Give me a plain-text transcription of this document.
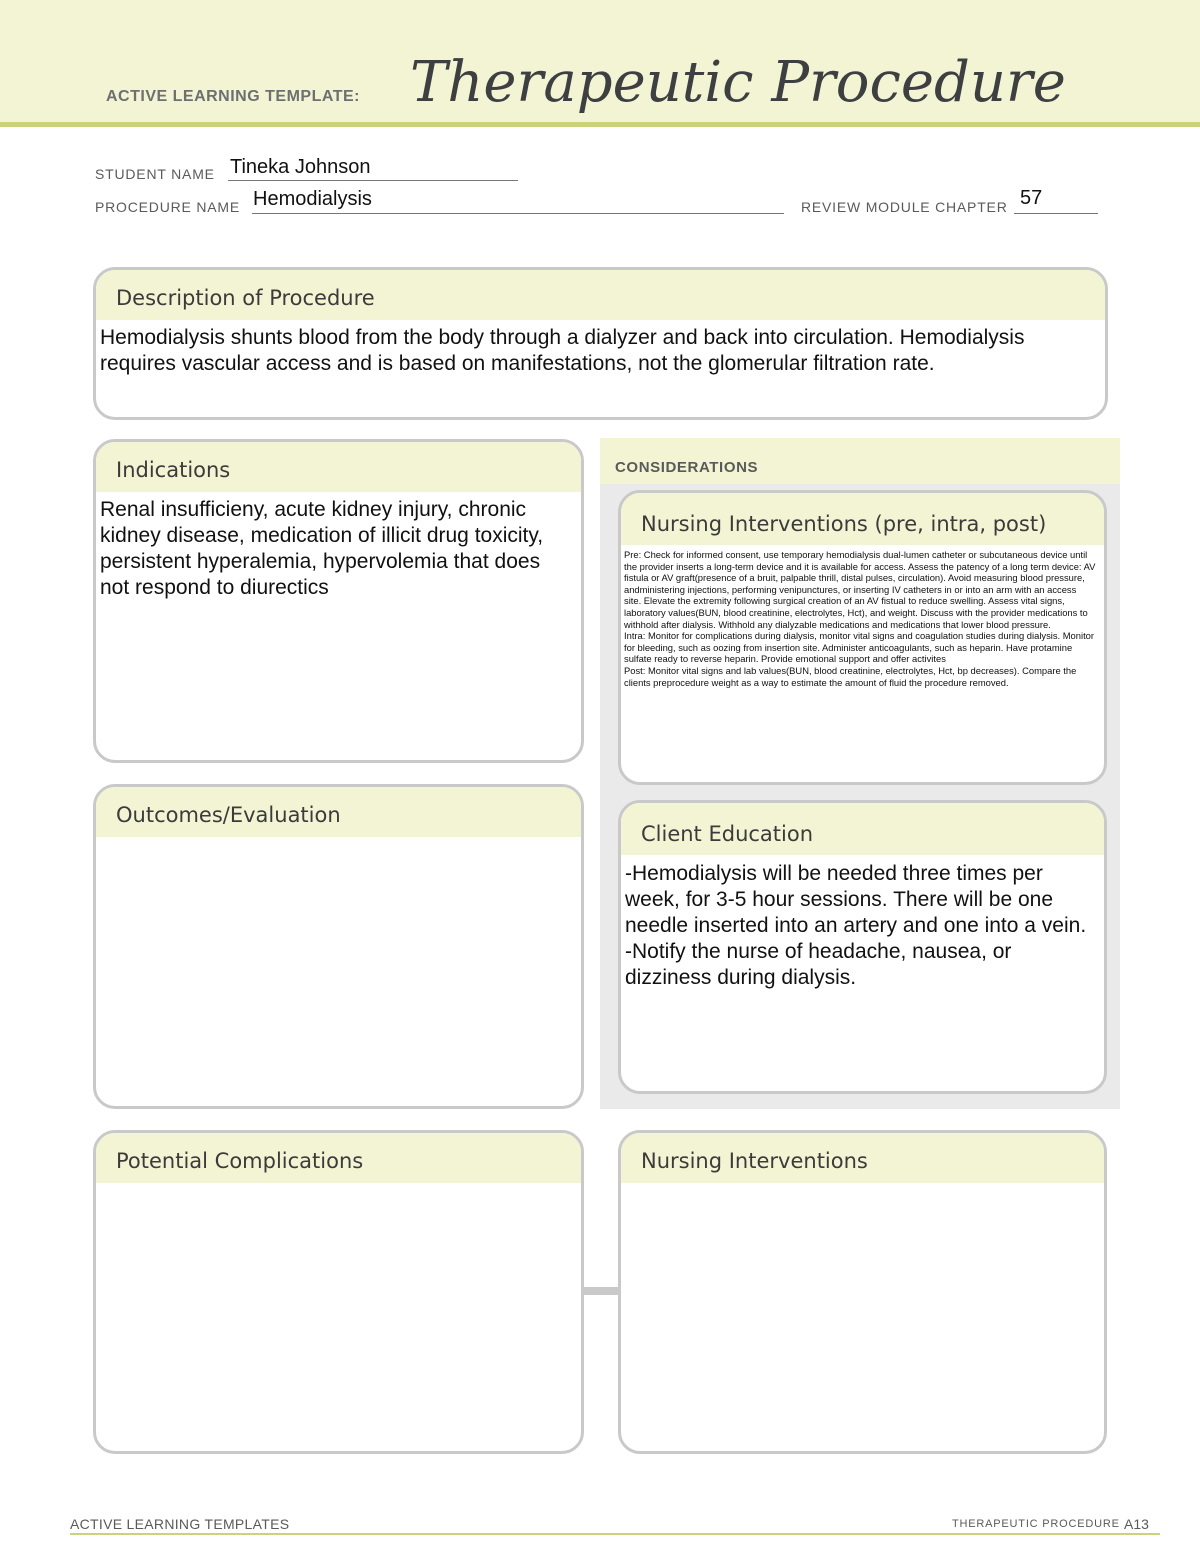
ACTIVE LEARNING TEMPLATE: Therapeutic Procedure
STUDENT NAME Tineka Johnson
PROCEDURE NAME Hemodialysis	REVIEW MODULE CHAPTER 57
Description of Procedure

Hemodialysis shunts blood from the body through a dialyzer and back into circulation. Hemodialysis requires vascular access and is based on manifestations, not the glomerular filtration rate.

Indications

Renal insufficieny, acute kidney injury, chronic kidney disease, medication of illicit drug toxicity, persistent hyperalemia, hypervolemia that does not respond to diurectics

Outcomes/Evaluation
CONSIDERATIONS
Nursing Interventions (pre, intra, post)

Pre: Check for informed consent, use temporary hemodialysis dual-lumen catheter or subcutaneous device until the provider inserts a long-term device and it is available for access. Assess the patency of a long term device: AV fistula or AV graft(presence of a bruit, palpable thrill, distal pulses, circulation). Avoid measuring blood pressure, andministering injections, performing venipunctures, or inserting IV catheters in or into an arm with an access site. Elevate the extremity following surgical creation of an AV fistual to reduce swelling. Assess vital signs, laboratory values(BUN, blood creatinine, electrolytes, Hct), and weight. Discuss with the provider medications to withhold after dialysis. Withhold any dialyzable medications and medications that lower blood pressure.

Intra: Monitor for complications during dialysis, monitor vital signs and coagulation studies during dialysis. Monitor for bleeding, such as oozing from insertion site. Administer anticoagulants, such as heparin. Have protamine sulfate ready to reverse heparin. Provide emotional support and offer activites

Post: Monitor vital signs and lab values(BUN, blood creatinine, electrolytes, Hct, bp decreases). Compare the clients preprocedure weight as a way to estimate the amount of fluid the procedure removed.

Client Education

-Hemodialysis will be needed three times per week, for 3-5 hour sessions. There will be one needle inserted into an artery and one into a vein.

-Notify the nurse of headache, nausea, or dizziness during dialysis.

Potential Complications	Nursing Interventions
ACTIVE LEARNING TEMPLATES	THERAPEUTIC PROCEDURE A13
